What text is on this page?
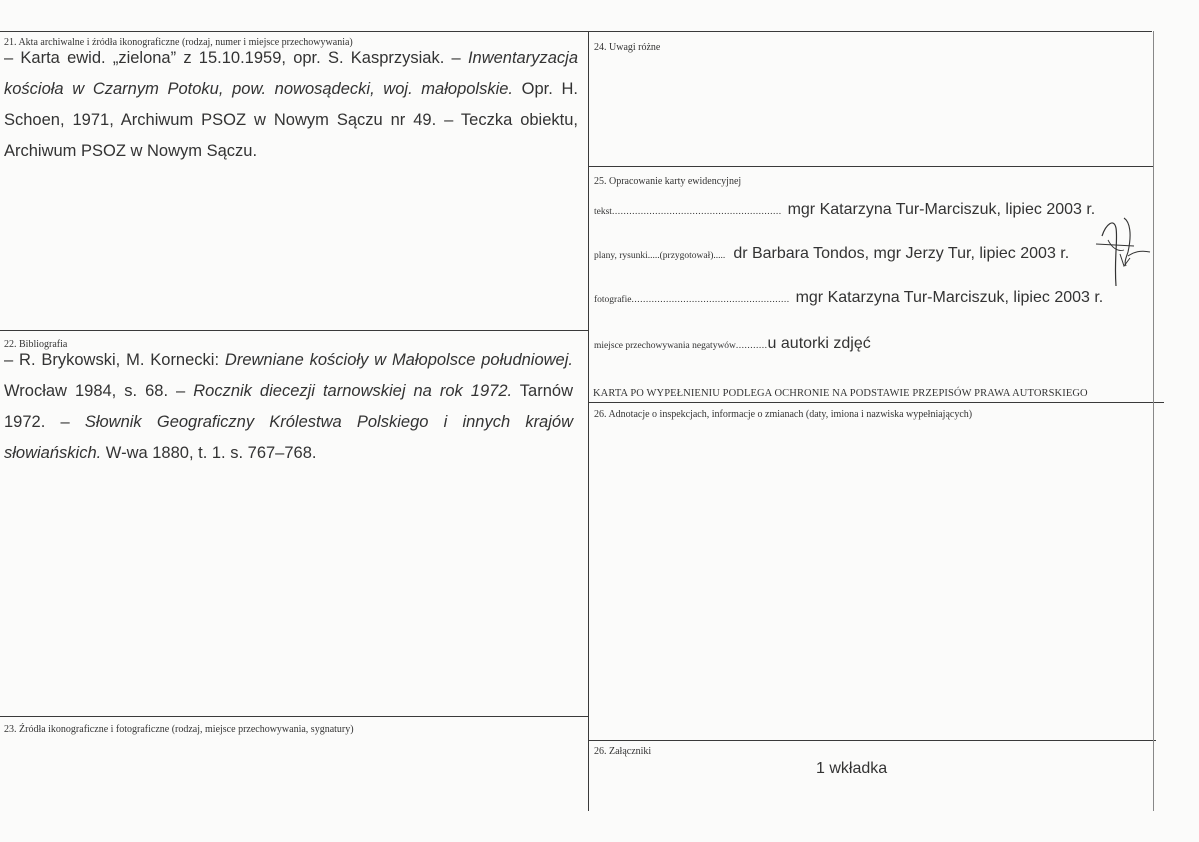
21. Akta archiwalne i źródła ikonograficzne (rodzaj, numer i miejsce przechowywania)

– Karta ewid. „zielona” z 15.10.1959, opr. S. Kasprzysiak. – Inwentaryzacja kościoła w Czarnym Potoku, pow. nowosądecki, woj. małopolskie. Opr. H. Schoen, 1971, Archiwum PSOZ w Nowym Sączu nr 49. – Teczka obiektu, Archiwum PSOZ w Nowym Sączu.

22. Bibliografia

– R. Brykowski, M. Kornecki: Drewniane kościoły w Małopolsce południowej. Wrocław 1984, s. 68. – Rocznik diecezji tarnowskiej na rok 1972. Tarnów 1972. – Słownik Geograficzny Królestwa Polskiego i innych krajów słowiańskich. W-wa 1880, t. 1. s. 767–768.

23. Źródła ikonograficzne i fotograficzne (rodzaj, miejsce przechowywania, sygnatury)
24. Uwagi różne
25. Opracowanie karty ewidencyjnej
tekst........................................................... mgr Katarzyna Tur-Marciszuk, lipiec 2003 r.
plany, rysunki.....(przygotował)..... dr Barbara Tondos, mgr Jerzy Tur, lipiec 2003 r.
fotografie....................................................... mgr Katarzyna Tur-Marciszuk, lipiec 2003 r.
miejsce przechowywania negatywów...........u autorki zdjęć
KARTA PO WYPEŁNIENIU PODLEGA OCHRONIE NA PODSTAWIE PRZEPISÓW PRAWA AUTORSKIEGO
26. Adnotacje o inspekcjach, informacje o zmianach (daty, imiona i nazwiska wypełniających)
26. Załączniki
1 wkładka
